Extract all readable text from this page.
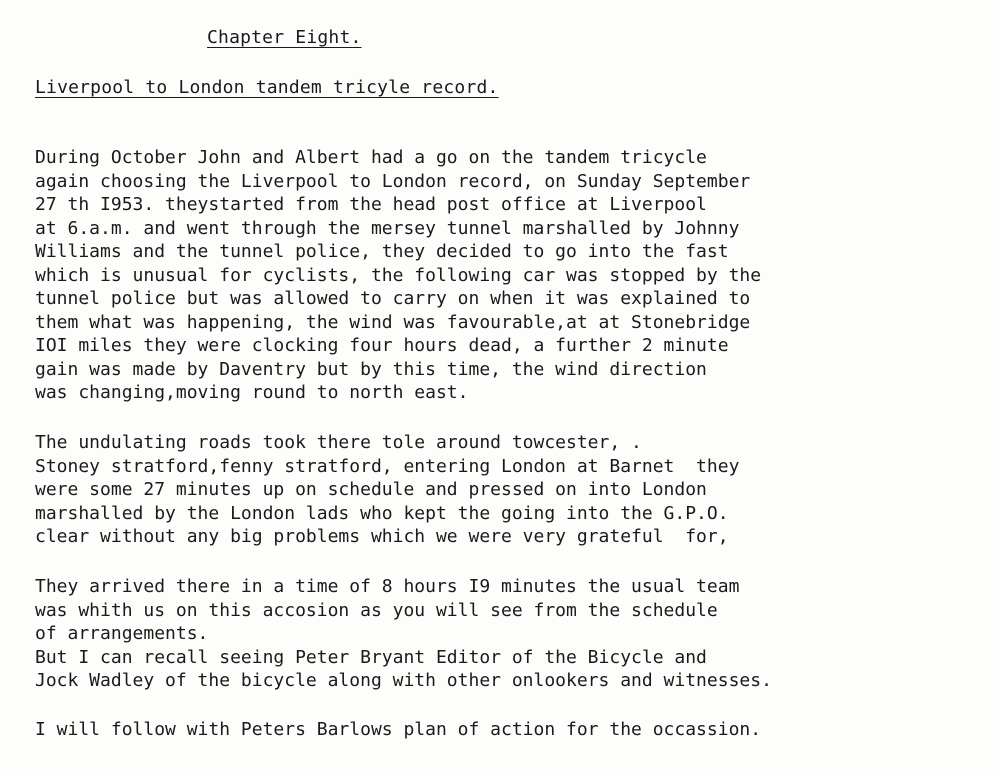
Chapter Eight.
Liverpool to London tandem tricyle record.
During October John and Albert had a go on the tandem tricycle
again choosing the Liverpool to London record, on Sunday September
27 th I953. theystarted from the head post office at Liverpool
at 6.a.m. and went through the mersey tunnel marshalled by Johnny
Williams and the tunnel police, they decided to go into the fast
which is unusual for cyclists, the following car was stopped by the
tunnel police but was allowed to carry on when it was explained to
them what was happening, the wind was favourable,at at Stonebridge
IOI miles they were clocking four hours dead, a further 2 minute
gain was made by Daventry but by this time, the wind direction
was changing,moving round to north east.
The undulating roads took there tole around towcester, .
Stoney stratford,fenny stratford, entering London at Barnet  they
were some 27 minutes up on schedule and pressed on into London
marshalled by the London lads who kept the going into the G.P.O.
clear without any big problems which we were very grateful  for,
They arrived there in a time of 8 hours I9 minutes the usual team
was whith us on this accosion as you will see from the schedule
of arrangements.
But I can recall seeing Peter Bryant Editor of the Bicycle and
Jock Wadley of the bicycle along with other onlookers and witnesses.
I will follow with Peters Barlows plan of action for the occassion.
